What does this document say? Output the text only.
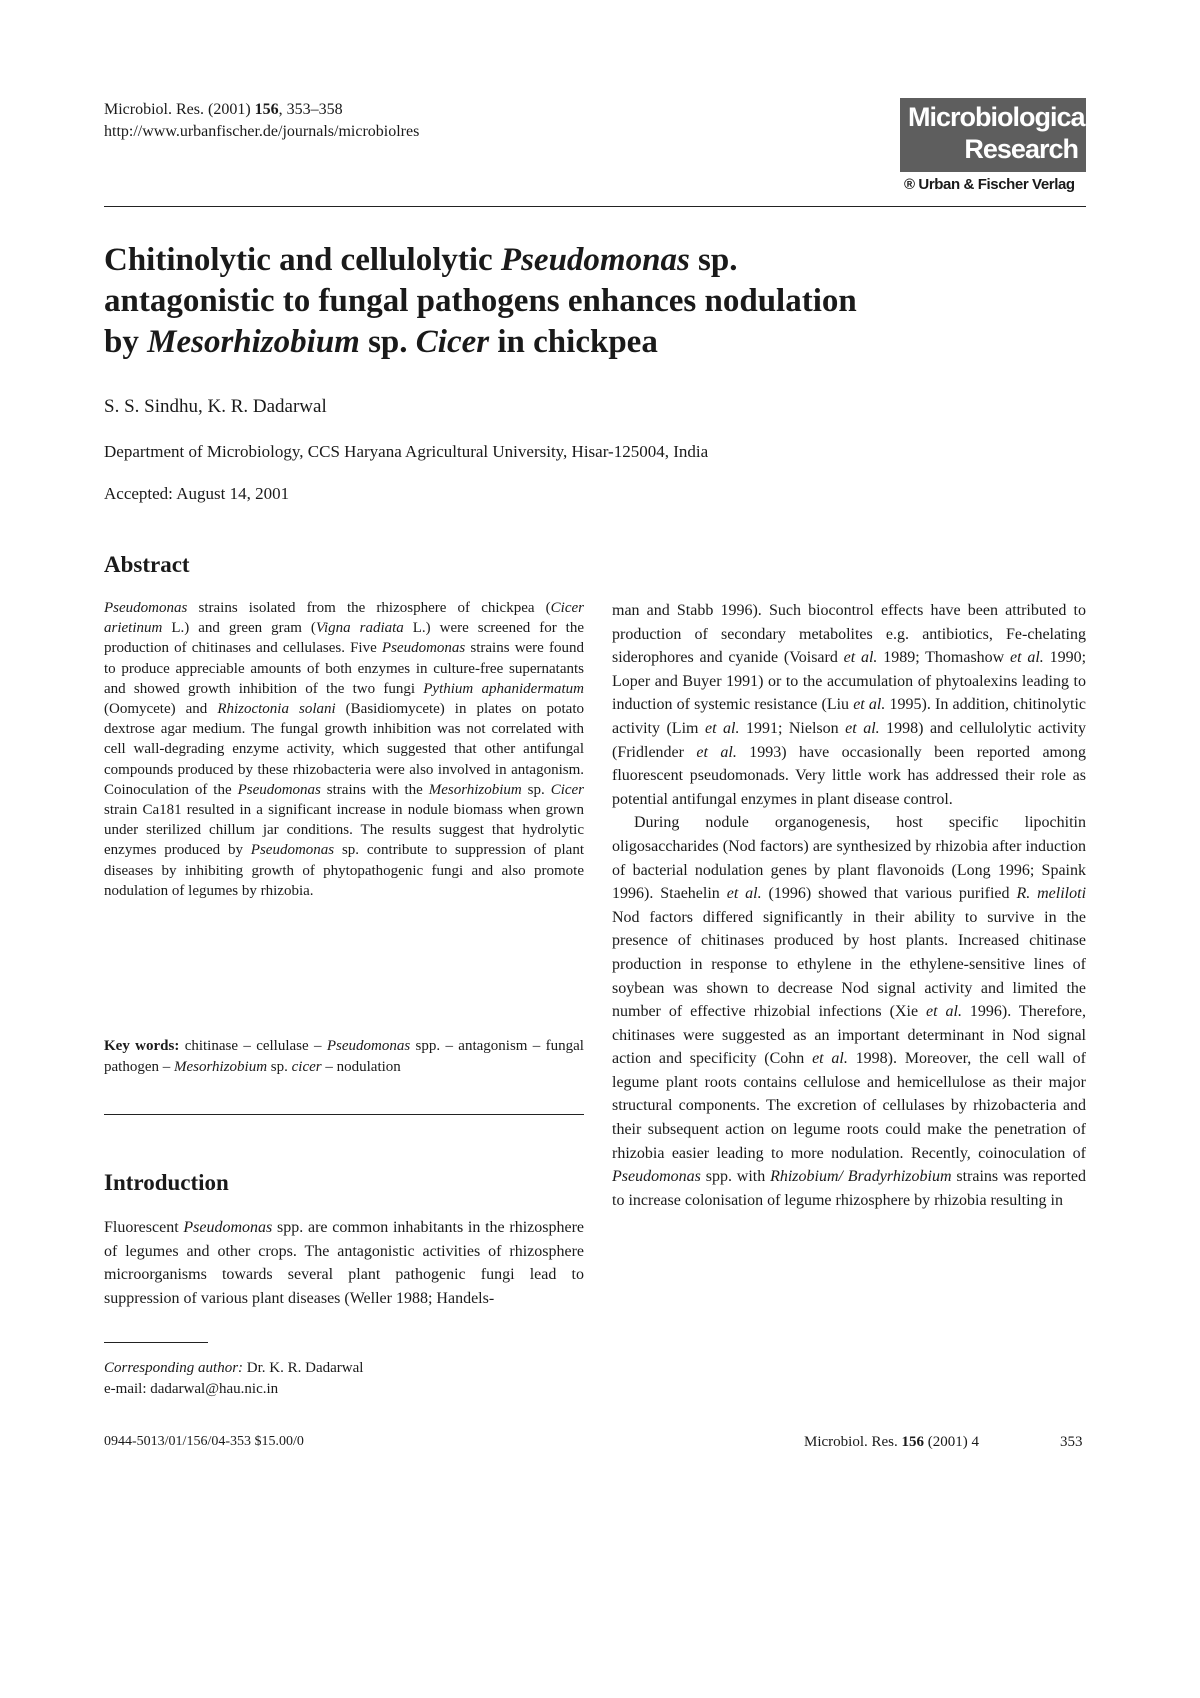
Microbiol. Res. (2001) 156, 353–358
http://www.urbanfischer.de/journals/microbiolres	Microbiological
Research
® Urban & Fischer Verlag
Chitinolytic and cellulolytic Pseudomonas sp.
antagonistic to fungal pathogens enhances nodulation
by Mesorhizobium sp. Cicer in chickpea
S. S. Sindhu, K. R. Dadarwal
Department of Microbiology, CCS Haryana Agricultural University, Hisar-125004, India
Accepted: August 14, 2001
Abstract
Pseudomonas strains isolated from the rhizosphere of chickpea (Cicer arietinum L.) and green gram (Vigna radiata L.) were screened for the production of chitinases and cellulases. Five Pseudomonas strains were found to produce appreciable amounts of both enzymes in culture-free supernatants and showed growth inhibition of the two fungi Pythium aphanidermatum (Oomycete) and Rhizoctonia solani (Basidiomycete) in plates on potato dextrose agar medium. The fungal growth inhibition was not correlated with cell wall-degrading enzyme activity, which suggested that other antifungal compounds produced by these rhizobacteria were also involved in antagonism. Coinoculation of the Pseudomonas strains with the Mesorhizobium sp. Cicer strain Ca181 resulted in a significant increase in nodule biomass when grown under sterilized chillum jar conditions. The results suggest that hydrolytic enzymes produced by Pseudomonas sp. contribute to suppression of plant diseases by inhibiting growth of phytopathogenic fungi and also promote nodulation of legumes by rhizobia.
Key words: chitinase – cellulase – Pseudomonas spp. – antagonism – fungal pathogen – Mesorhizobium sp. cicer – nodulation
Introduction
Fluorescent Pseudomonas spp. are common inhabitants in the rhizosphere of legumes and other crops. The antagonistic activities of rhizosphere microorganisms towards several plant pathogenic fungi lead to suppression of various plant diseases (Weller 1988; Handels-

man and Stabb 1996). Such biocontrol effects have been attributed to production of secondary metabolites e.g. antibiotics, Fe-chelating siderophores and cyanide (Voisard et al. 1989; Thomashow et al. 1990; Loper and Buyer 1991) or to the accumulation of phytoalexins leading to induction of systemic resistance (Liu et al. 1995). In addition, chitinolytic activity (Lim et al. 1991; Nielson et al. 1998) and cellulolytic activity (Fridlender et al. 1993) have occasionally been reported among fluorescent pseudomonads. Very little work has addressed their role as potential antifungal enzymes in plant disease control.

During nodule organogenesis, host specific lipochitin oligosaccharides (Nod factors) are synthesized by rhizobia after induction of bacterial nodulation genes by plant flavonoids (Long 1996; Spaink 1996). Staehelin et al. (1996) showed that various purified R. meliloti Nod factors differed significantly in their ability to survive in the presence of chitinases produced by host plants. Increased chitinase production in response to ethylene in the ethylene-sensitive lines of soybean was shown to decrease Nod signal activity and limited the number of effective rhizobial infections (Xie et al. 1996). Therefore, chitinases were suggested as an important determinant in Nod signal action and specificity (Cohn et al. 1998). Moreover, the cell wall of legume plant roots contains cellulose and hemicellulose as their major structural components. The excretion of cellulases by rhizobacteria and their subsequent action on legume roots could make the penetration of rhizobia easier leading to more nodulation. Recently, coinoculation of Pseudomonas spp. with Rhizobium/ Bradyrhizobium strains was reported to increase colonisation of legume rhizosphere by rhizobia resulting in

Corresponding author: Dr. K. R. Dadarwal
e-mail: dadarwal@hau.nic.in
0944-5013/01/156/04-353 $15.00/0	Microbiol. Res. 156 (2001) 4	353
